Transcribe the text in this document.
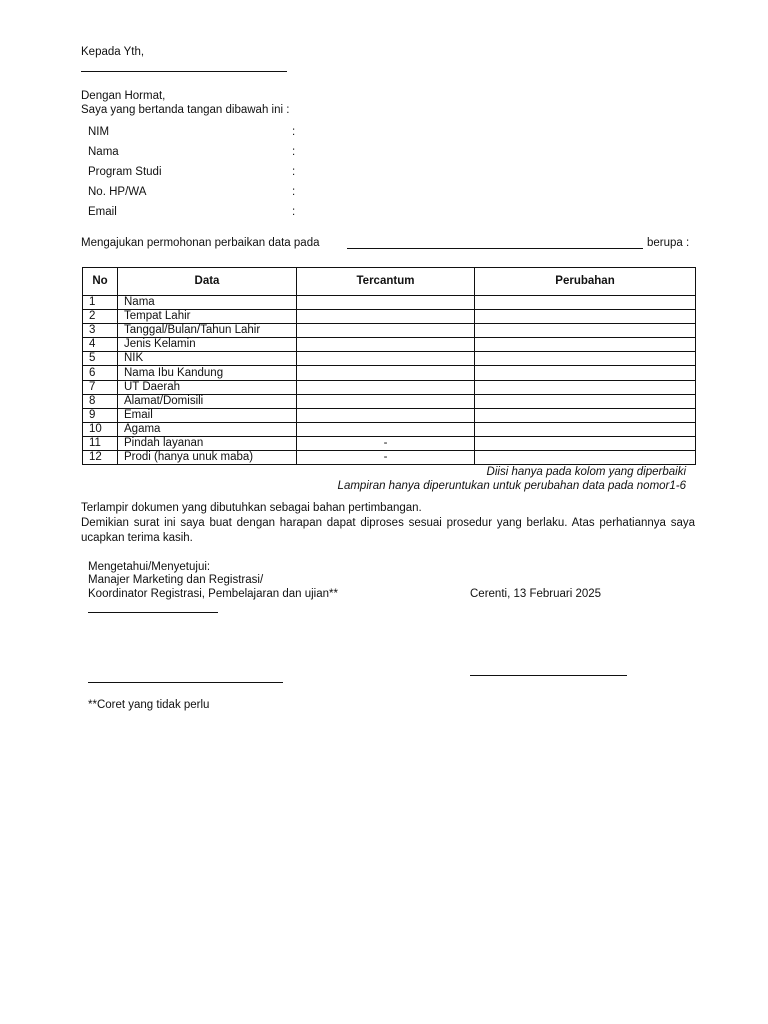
Kepada Yth,
Dengan Hormat,
Saya yang bertanda tangan dibawah ini :
NIM	:
Nama	:
Program Studi	:
No. HP/WA	:
Email	:
Mengajukan permohonan perbaikan data pada	berupa :
No	Data	Tercantum	Perubahan
1	Nama		
2	Tempat Lahir		
3	Tanggal/Bulan/Tahun Lahir		
4	Jenis Kelamin		
5	NIK		
6	Nama Ibu Kandung		
7	UT Daerah		
8	Alamat/Domisili		
9	Email		
10	Agama		
11	Pindah layanan	-	
12	Prodi (hanya unuk maba)	-	
Diisi hanya pada kolom yang diperbaiki
Lampiran hanya diperuntukan untuk perubahan data pada nomor1-6
Terlampir dokumen yang dibutuhkan sebagai bahan pertimbangan.
Demikian surat ini saya buat dengan harapan dapat diproses sesuai prosedur yang berlaku. Atas perhatiannya saya ucapkan terima kasih.
Mengetahui/Menyetujui:
Manajer Marketing dan Registrasi/
Koordinator Registrasi, Pembelajaran dan ujian**	Cerenti, 13 Februari 2025
**Coret yang tidak perlu
